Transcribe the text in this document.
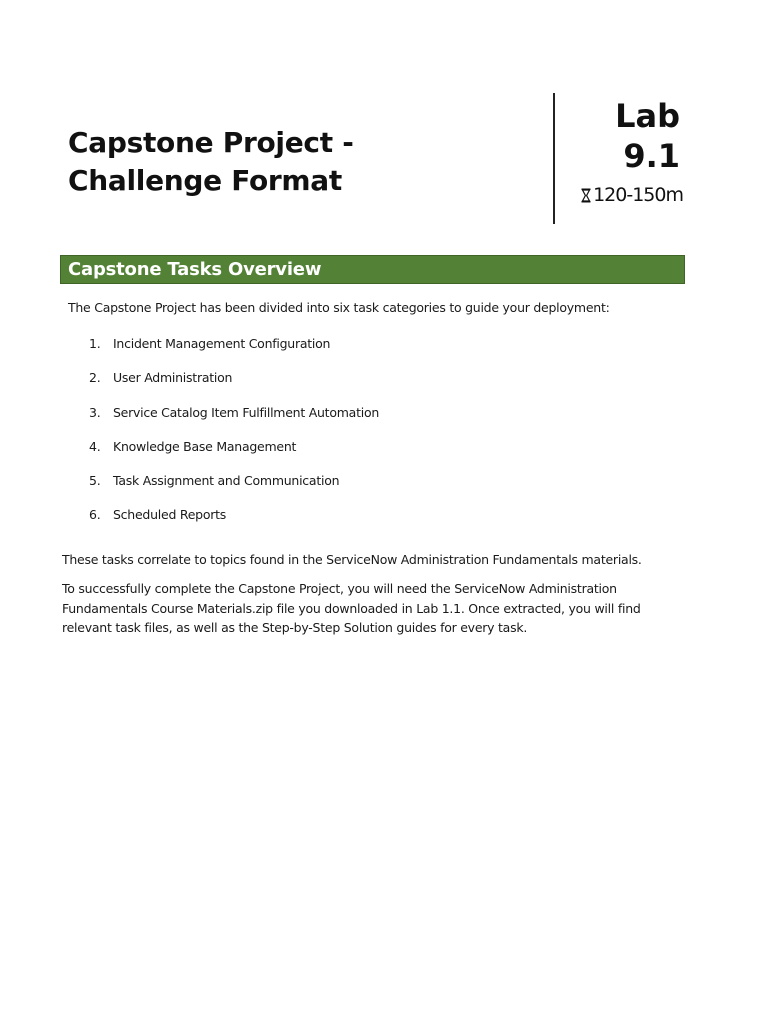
Capstone Project -
Challenge Format
Lab
9.1
120-150m
Capstone Tasks Overview
The Capstone Project has been divided into six task categories to guide your deployment:
1. Incident Management Configuration
2. User Administration
3. Service Catalog Item Fulfillment Automation
4. Knowledge Base Management
5. Task Assignment and Communication
6. Scheduled Reports
These tasks correlate to topics found in the ServiceNow Administration Fundamentals materials.
To successfully complete the Capstone Project, you will need the ServiceNow Administration
Fundamentals Course Materials.zip file you downloaded in Lab 1.1. Once extracted, you will find
relevant task files, as well as the Step-by-Step Solution guides for every task.
